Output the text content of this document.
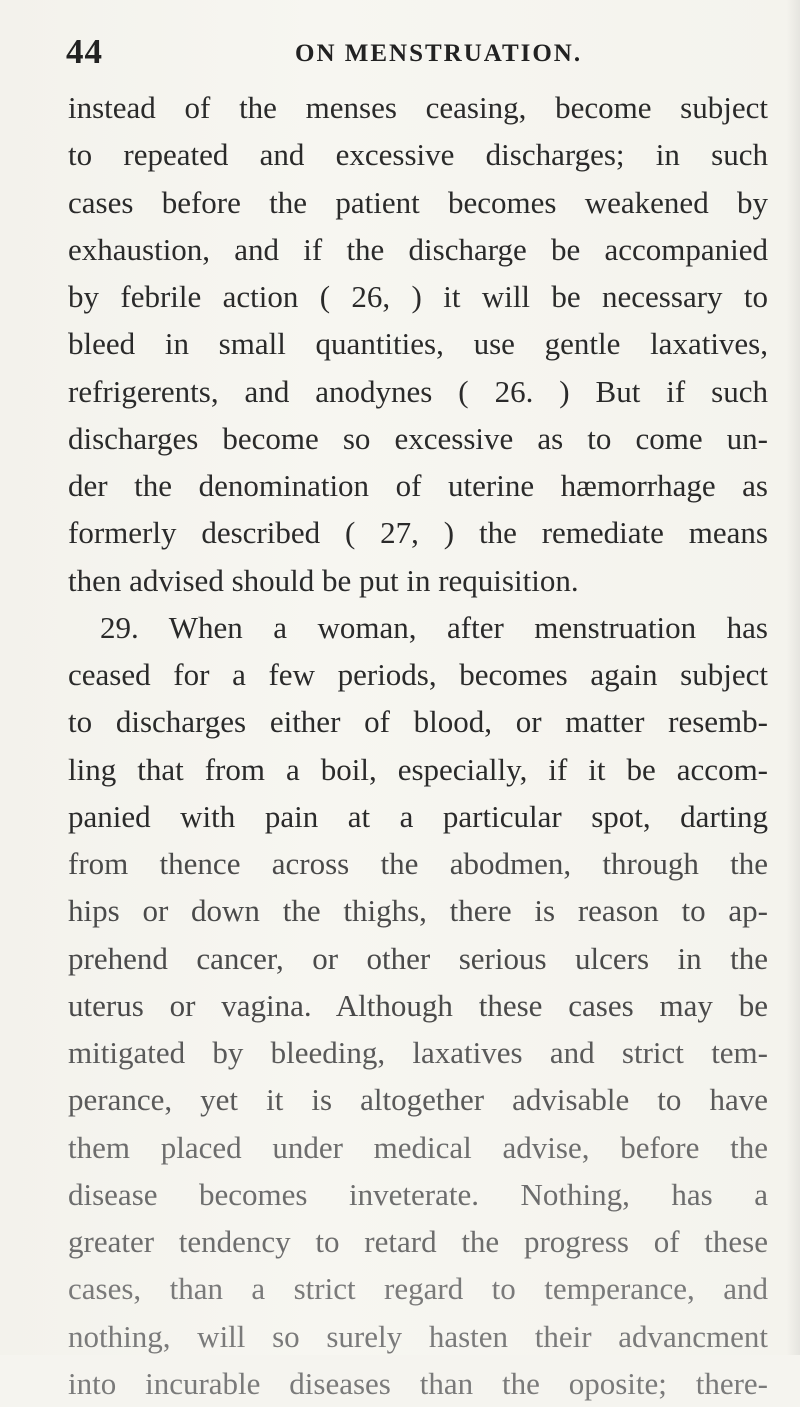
44	ON MENSTRUATION.
instead of the menses ceasing, become subject
to repeated and excessive discharges; in such
cases before the patient becomes weakened by
exhaustion, and if the discharge be accompanied
by febrile action ( 26, ) it will be necessary to
bleed in small quantities, use gentle laxatives,
refrigerents, and anodynes ( 26. ) But if such
discharges become so excessive as to come un-
der the denomination of uterine hæmorrhage as
formerly described ( 27, ) the remediate means
then advised should be put in requisition.
29. When a woman, after menstruation has
ceased for a few periods, becomes again subject
to discharges either of blood, or matter resemb-
ling that from a boil, especially, if it be accom-
panied with pain at a particular spot, darting
from thence across the abodmen, through the
hips or down the thighs, there is reason to ap-
prehend cancer, or other serious ulcers in the
uterus or vagina. Although these cases may be
mitigated by bleeding, laxatives and strict tem-
perance, yet it is altogether advisable to have
them placed under medical advise, before the
disease becomes inveterate. Nothing, has a
greater tendency to retard the progress of these
cases, than a strict regard to temperance, and
nothing, will so surely hasten their advancment
into incurable diseases than the oposite; there-
